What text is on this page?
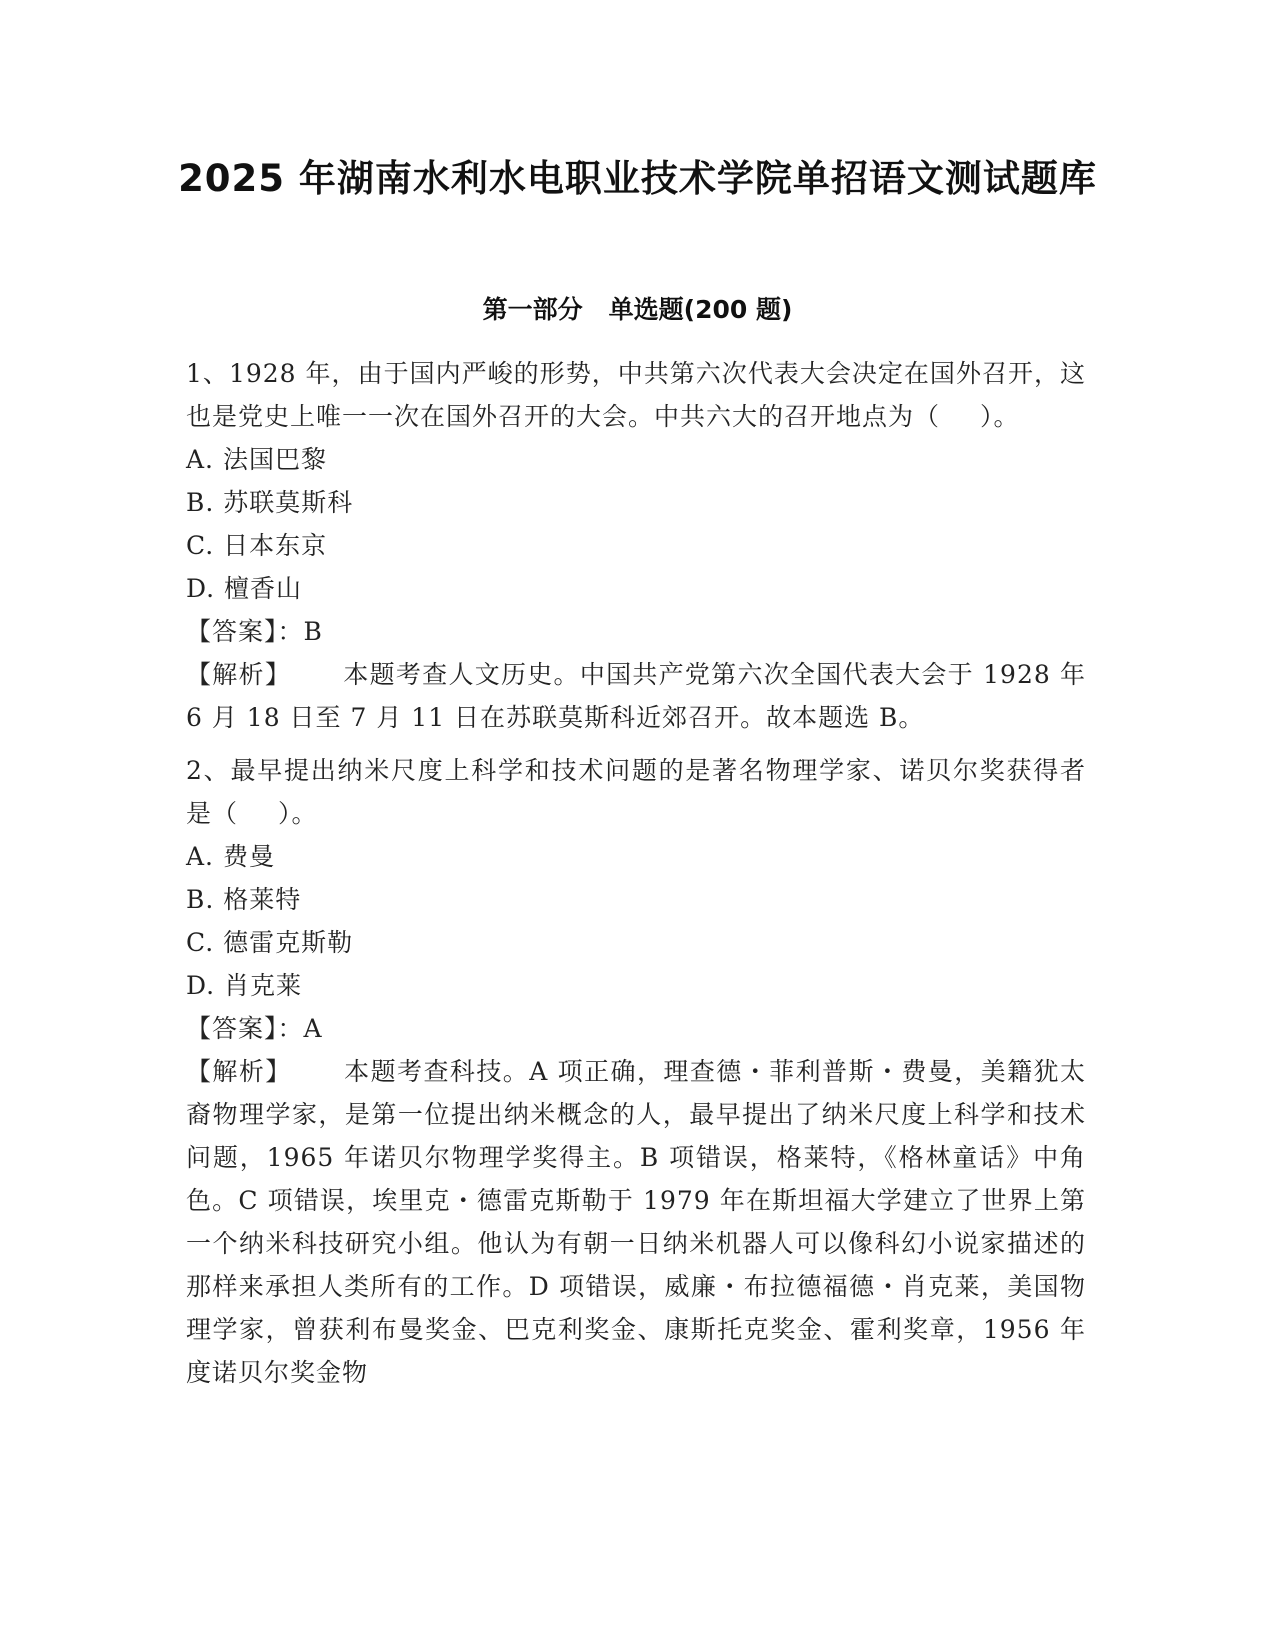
2025 年湖南水利水电职业技术学院单招语文测试题库
第一部分   单选题(200 题)
1、1928 年，由于国内严峻的形势，中共第六次代表大会决定在国外召开，这也是党史上唯一一次在国外召开的大会。中共六大的召开地点为（ ）。
A. 法国巴黎
B. 苏联莫斯科
C. 日本东京
D. 檀香山
【答案】：B
【解析】 本题考查人文历史。中国共产党第六次全国代表大会于 1928 年 6 月 18 日至 7 月 11 日在苏联莫斯科近郊召开。故本题选 B。
2、最早提出纳米尺度上科学和技术问题的是著名物理学家、诺贝尔奖获得者是（ ）。
A. 费曼
B. 格莱特
C. 德雷克斯勒
D. 肖克莱
【答案】：A
【解析】 本题考查科技。A 项正确，理查德・菲利普斯・费曼，美籍犹太裔物理学家，是第一位提出纳米概念的人，最早提出了纳米尺度上科学和技术问题，1965 年诺贝尔物理学奖得主。B 项错误，格莱特，《格林童话》中角色。C 项错误，埃里克・德雷克斯勒于 1979 年在斯坦福大学建立了世界上第一个纳米科技研究小组。他认为有朝一日纳米机器人可以像科幻小说家描述的那样来承担人类所有的工作。D 项错误，威廉・布拉德福德・肖克莱，美国物理学家，曾获利布曼奖金、巴克利奖金、康斯托克奖金、霍利奖章，1956 年度诺贝尔奖金物
